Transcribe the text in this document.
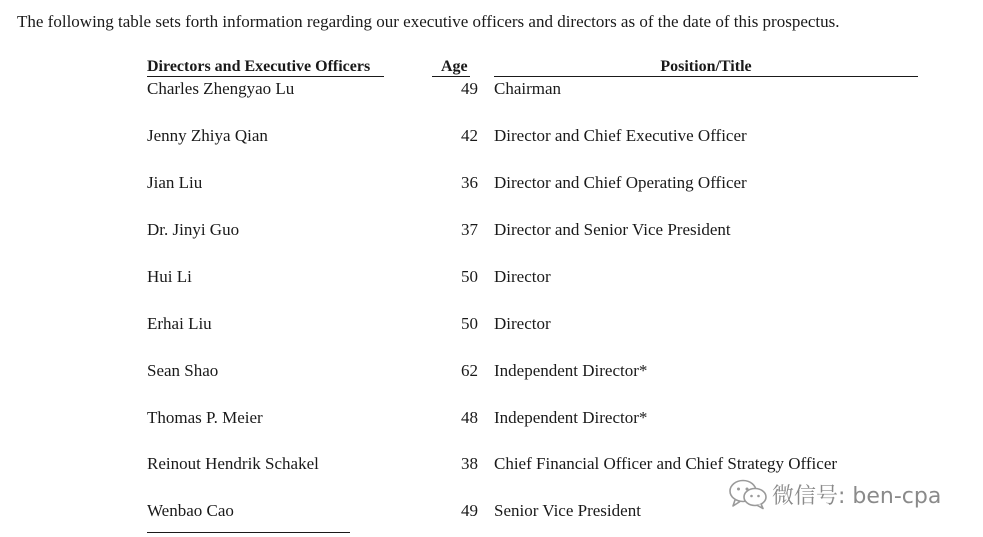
The following table sets forth information regarding our executive officers and directors as of the date of this prospectus.
Directors and Executive Officers	Age	Position/Title
Charles Zhengyao Lu	49 Chairman
Jenny Zhiya Qian	42 Director and Chief Executive Officer
Jian Liu	36 Director and Chief Operating Officer
Dr. Jinyi Guo	37 Director and Senior Vice President
Hui Li	50 Director
Erhai Liu	50 Director
Sean Shao	62 Independent Director*
Thomas P. Meier	48 Independent Director*
Reinout Hendrik Schakel	38 Chief Financial Officer and Chief Strategy Officer
Wenbao Cao	49 Senior Vice President
微信号: ben-cpa
